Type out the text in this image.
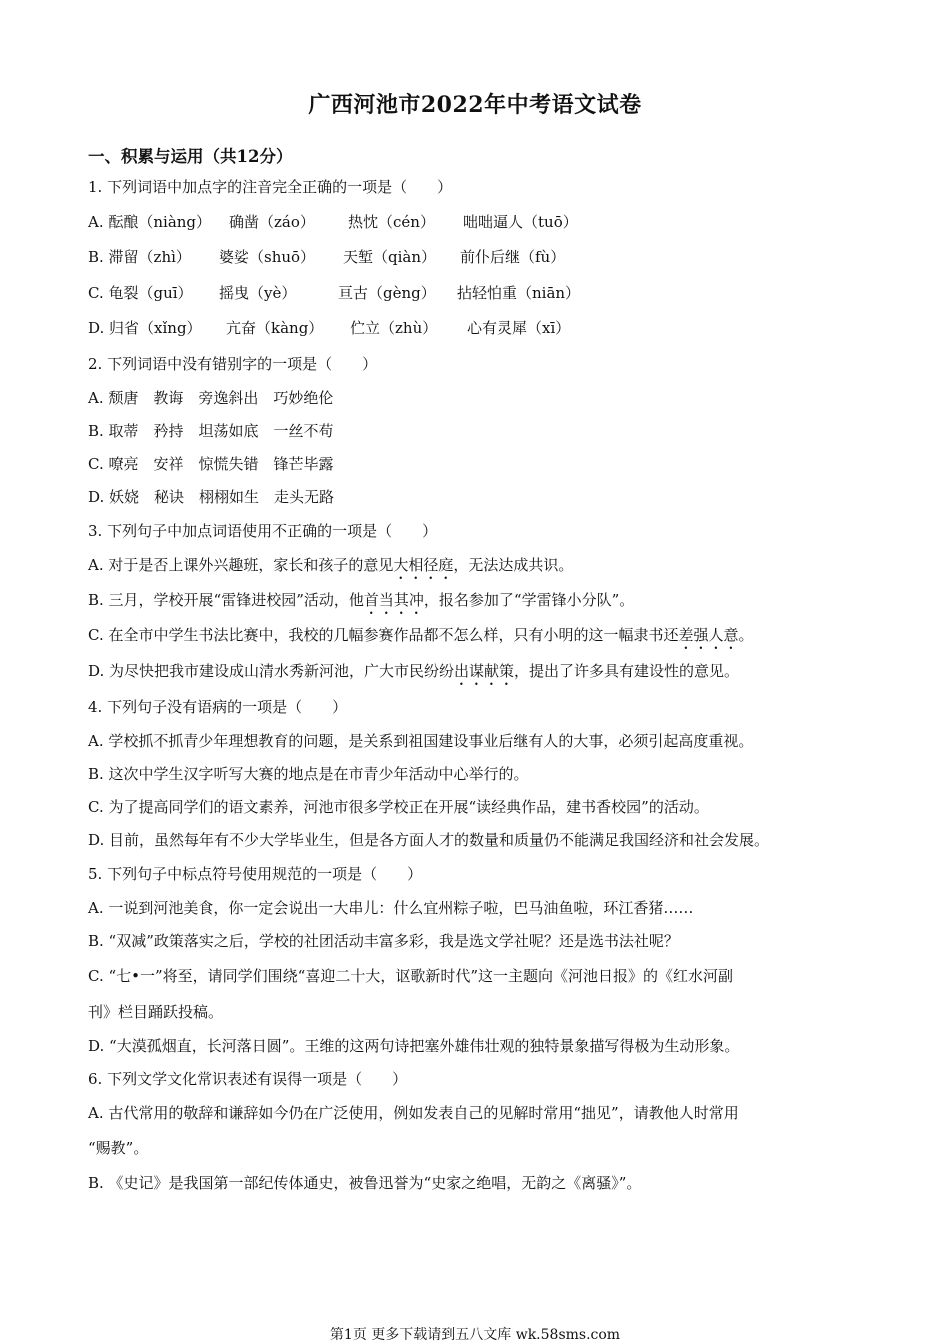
广西河池市2022年中考语文试卷
一、积累与运用（共12分）
1. 下列词语中加点字的注音完全正确的一项是（　　）
A. 酝酿（niàng） 确凿（záo） 热忱（cén） 咄咄逼人（tuō）
B. 滞留（zhì） 婆娑（shuō） 天堑（qiàn） 前仆后继（fù）
C. 龟裂（guī） 摇曳（yè）	亘古（gèng） 拈轻怕重（niān）
D. 归省（xǐng） 亢奋（kàng） 伫立（zhù） 心有灵犀（xī）
2. 下列词语中没有错别字的一项是（　　）
A. 颓唐　教诲　旁逸斜出　巧妙绝伦
B. 取蒂　矜持　坦荡如底　一丝不苟
C. 嘹亮　安祥　惊慌失错　锋芒毕露
D. 妖娆　秘诀　栩栩如生　走头无路
3. 下列句子中加点词语使用不正确的一项是（　　）
A. 对于是否上课外兴趣班，家长和孩子的意见大相径庭，无法达成共识。
B. 三月，学校开展“雷锋进校园”活动，他首当其冲，报名参加了“学雷锋小分队”。
C. 在全市中学生书法比赛中，我校的几幅参赛作品都不怎么样，只有小明的这一幅隶书还差强人意。
D. 为尽快把我市建设成山清水秀新河池，广大市民纷纷出谋献策，提出了许多具有建设性的意见。
4. 下列句子没有语病的一项是（　　）
A. 学校抓不抓青少年理想教育的问题，是关系到祖国建设事业后继有人的大事，必须引起高度重视。
B. 这次中学生汉字听写大赛的地点是在市青少年活动中心举行的。
C. 为了提高同学们的语文素养，河池市很多学校正在开展“读经典作品，建书香校园”的活动。
D. 目前，虽然每年有不少大学毕业生，但是各方面人才的数量和质量仍不能满足我国经济和社会发展。
5. 下列句子中标点符号使用规范的一项是（　　）
A. 一说到河池美食，你一定会说出一大串儿：什么宜州粽子啦，巴马油鱼啦，环江香猪……
B. “双减”政策落实之后，学校的社团活动丰富多彩，我是选文学社呢？还是选书法社呢？
C. “七•一”将至，请同学们围绕“喜迎二十大，讴歌新时代”这一主题向《河池日报》的《红水河副
刊》栏目踊跃投稿。
D. “大漠孤烟直，长河落日圆”。王维的这两句诗把塞外雄伟壮观的独特景象描写得极为生动形象。
6. 下列文学文化常识表述有误得一项是（　　）
A. 古代常用的敬辞和谦辞如今仍在广泛使用，例如发表自己的见解时常用“拙见”，请教他人时常用
“赐教”。
B. 《史记》是我国第一部纪传体通史，被鲁迅誉为“史家之绝唱，无韵之《离骚》”。
第1页 更多下载请到五八文库 wk.58sms.com
